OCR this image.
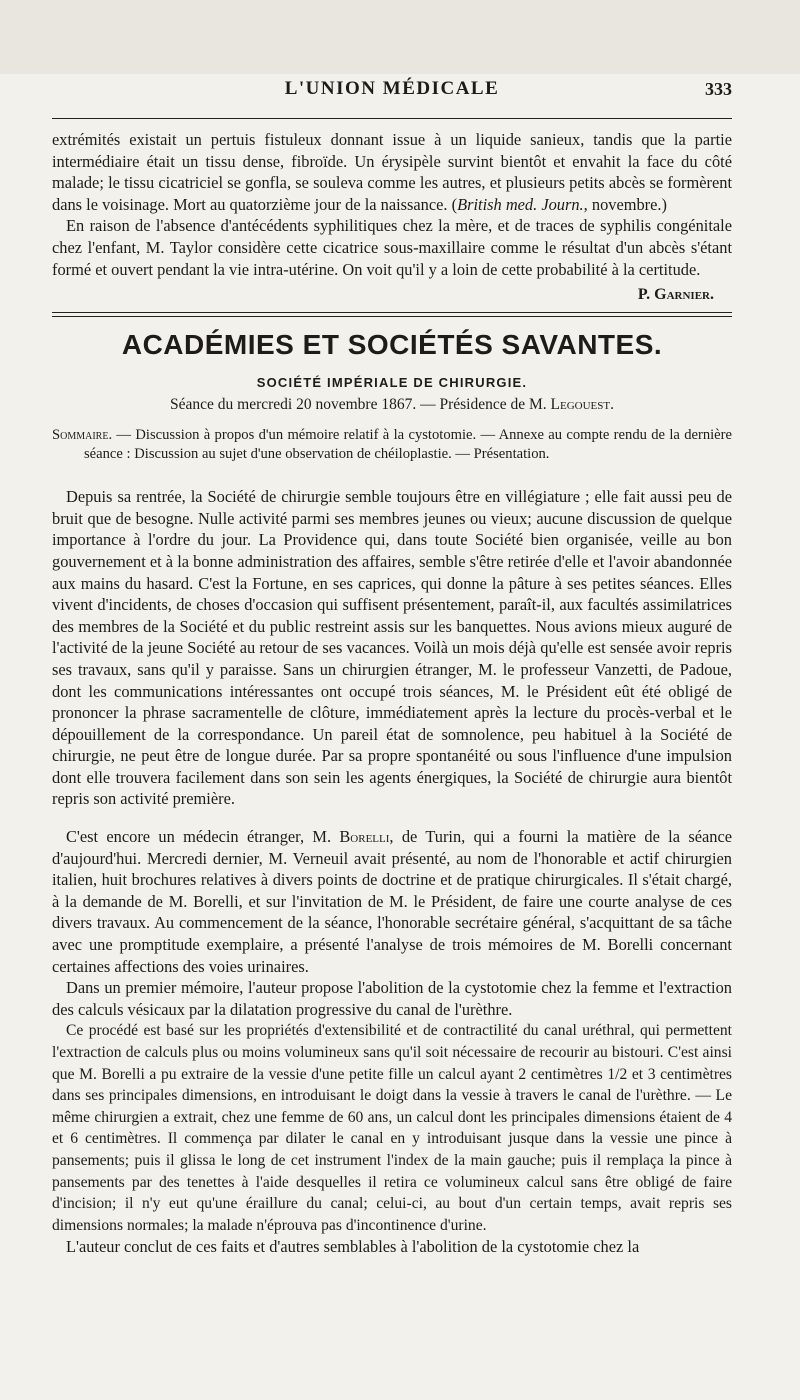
L'UNION MÉDICALE	333

extrémités existait un pertuis fistuleux donnant issue à un liquide sanieux, tandis que la partie intermédiaire était un tissu dense, fibroïde. Un érysipèle survint bientôt et envahit la face du côté malade; le tissu cicatriciel se gonfla, se souleva comme les autres, et plusieurs petits abcès se formèrent dans le voisinage. Mort au quatorzième jour de la naissance. (British med. Journ., novembre.)

En raison de l'absence d'antécédents syphilitiques chez la mère, et de traces de syphilis congénitale chez l'enfant, M. Taylor considère cette cicatrice sous-maxillaire comme le résultat d'un abcès s'étant formé et ouvert pendant la vie intra-utérine. On voit qu'il y a loin de cette probabilité à la certitude.

P. Garnier.
ACADÉMIES ET SOCIÉTÉS SAVANTES.
SOCIÉTÉ IMPÉRIALE DE CHIRURGIE.
Séance du mercredi 20 novembre 1867. — Présidence de M. Legouest.

Sommaire. — Discussion à propos d'un mémoire relatif à la cystotomie. — Annexe au compte rendu de la dernière séance : Discussion au sujet d'une observation de chéiloplastie. — Présentation.

Depuis sa rentrée, la Société de chirurgie semble toujours être en villégiature ; elle fait aussi peu de bruit que de besogne. Nulle activité parmi ses membres jeunes ou vieux; aucune discussion de quelque importance à l'ordre du jour. La Providence qui, dans toute Société bien organisée, veille au bon gouvernement et à la bonne administration des affaires, semble s'être retirée d'elle et l'avoir abandonnée aux mains du hasard. C'est la Fortune, en ses caprices, qui donne la pâture à ses petites séances. Elles vivent d'incidents, de choses d'occasion qui suffisent présentement, paraît-il, aux facultés assimilatrices des membres de la Société et du public restreint assis sur les banquettes. Nous avions mieux auguré de l'activité de la jeune Société au retour de ses vacances. Voilà un mois déjà qu'elle est sensée avoir repris ses travaux, sans qu'il y paraisse. Sans un chirurgien étranger, M. le professeur Vanzetti, de Padoue, dont les communications intéressantes ont occupé trois séances, M. le Président eût été obligé de prononcer la phrase sacramentelle de clôture, immédiatement après la lecture du procès-verbal et le dépouillement de la correspondance. Un pareil état de somnolence, peu habituel à la Société de chirurgie, ne peut être de longue durée. Par sa propre spontanéité ou sous l'influence d'une impulsion dont elle trouvera facilement dans son sein les agents énergiques, la Société de chirurgie aura bientôt repris son activité première.

C'est encore un médecin étranger, M. Borelli, de Turin, qui a fourni la matière de la séance d'aujourd'hui. Mercredi dernier, M. Verneuil avait présenté, au nom de l'honorable et actif chirurgien italien, huit brochures relatives à divers points de doctrine et de pratique chirurgicales. Il s'était chargé, à la demande de M. Borelli, et sur l'invitation de M. le Président, de faire une courte analyse de ces divers travaux. Au commencement de la séance, l'honorable secrétaire général, s'acquittant de sa tâche avec une promptitude exemplaire, a présenté l'analyse de trois mémoires de M. Borelli concernant certaines affections des voies urinaires.

Dans un premier mémoire, l'auteur propose l'abolition de la cystotomie chez la femme et l'extraction des calculs vésicaux par la dilatation progressive du canal de l'urèthre.

Ce procédé est basé sur les propriétés d'extensibilité et de contractilité du canal uréthral, qui permettent l'extraction de calculs plus ou moins volumineux sans qu'il soit nécessaire de recourir au bistouri. C'est ainsi que M. Borelli a pu extraire de la vessie d'une petite fille un calcul ayant 2 centimètres 1/2 et 3 centimètres dans ses principales dimensions, en introduisant le doigt dans la vessie à travers le canal de l'urèthre. — Le même chirurgien a extrait, chez une femme de 60 ans, un calcul dont les principales dimensions étaient de 4 et 6 centimètres. Il commença par dilater le canal en y introduisant jusque dans la vessie une pince à pansements; puis il glissa le long de cet instrument l'index de la main gauche; puis il remplaça la pince à pansements par des tenettes à l'aide desquelles il retira ce volumineux calcul sans être obligé de faire d'incision; il n'y eut qu'une éraillure du canal; celui-ci, au bout d'un certain temps, avait repris ses dimensions normales; la malade n'éprouva pas d'incontinence d'urine.

L'auteur conclut de ces faits et d'autres semblables à l'abolition de la cystotomie chez la
